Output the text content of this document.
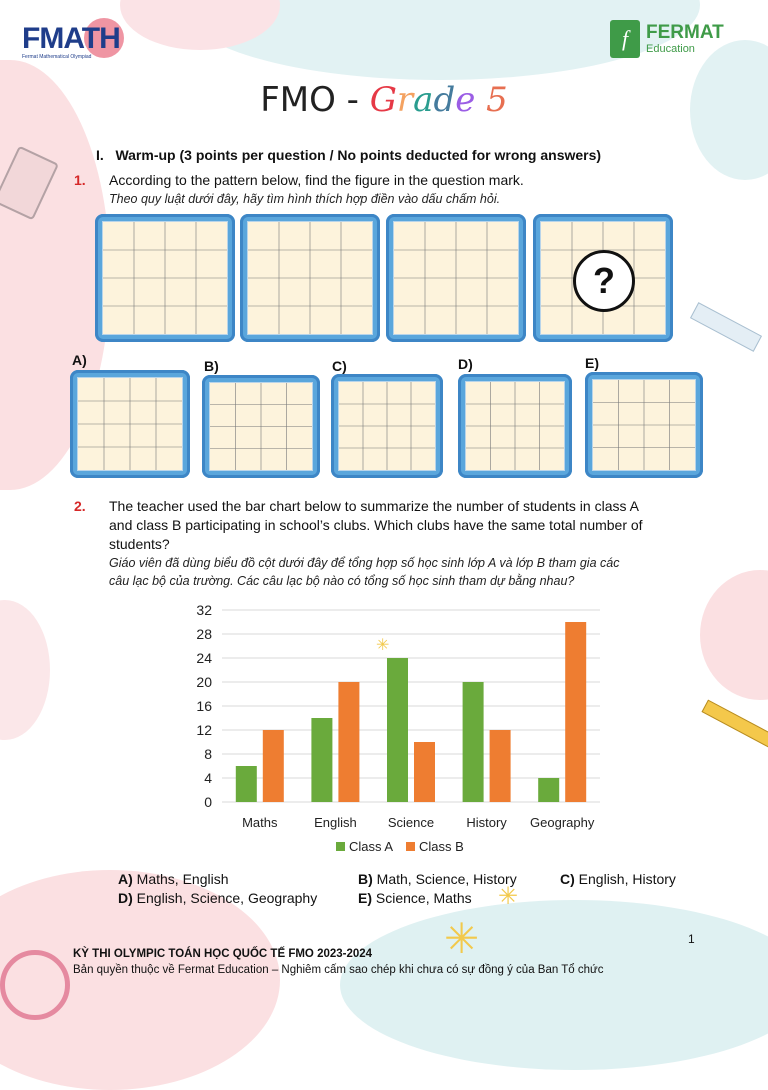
✳
✳
✳
FMATH
Fermat Mathematical Olympiad
f FERMAT
Education
FMO - Grade 5
I. Warm-up (3 points per question / No points deducted for wrong answers)
1. According to the pattern below, find the figure in the question mark.
Theo quy luật dưới đây, hãy tìm hình thích hợp điền vào dấu chấm hỏi.
?
A)	B)	C)	D)	E)
2. The teacher used the bar chart below to summarize the number of students in class A
and class B participating in school’s clubs. Which clubs have the same total number of
students?
Giáo viên đã dùng biểu đồ cột dưới đây để tổng hợp số học sinh lớp A và lớp B tham gia các
câu lạc bộ của trường. Các câu lạc bộ nào có tổng số học sinh tham dự bằng nhau?
0
4
8
12
16
20
24
28
32
Maths	English Science History Geography
Class A Class B
A) Maths, English	B) Math, Science, History	C) English, History
D) English, Science, Geography	E) Science, Maths
1
KỲ THI OLYMPIC TOÁN HỌC QUỐC TẾ FMO 2023-2024
Bản quyền thuộc về Fermat Education – Nghiêm cấm sao chép khi chưa có sự đồng ý của Ban Tổ chức
